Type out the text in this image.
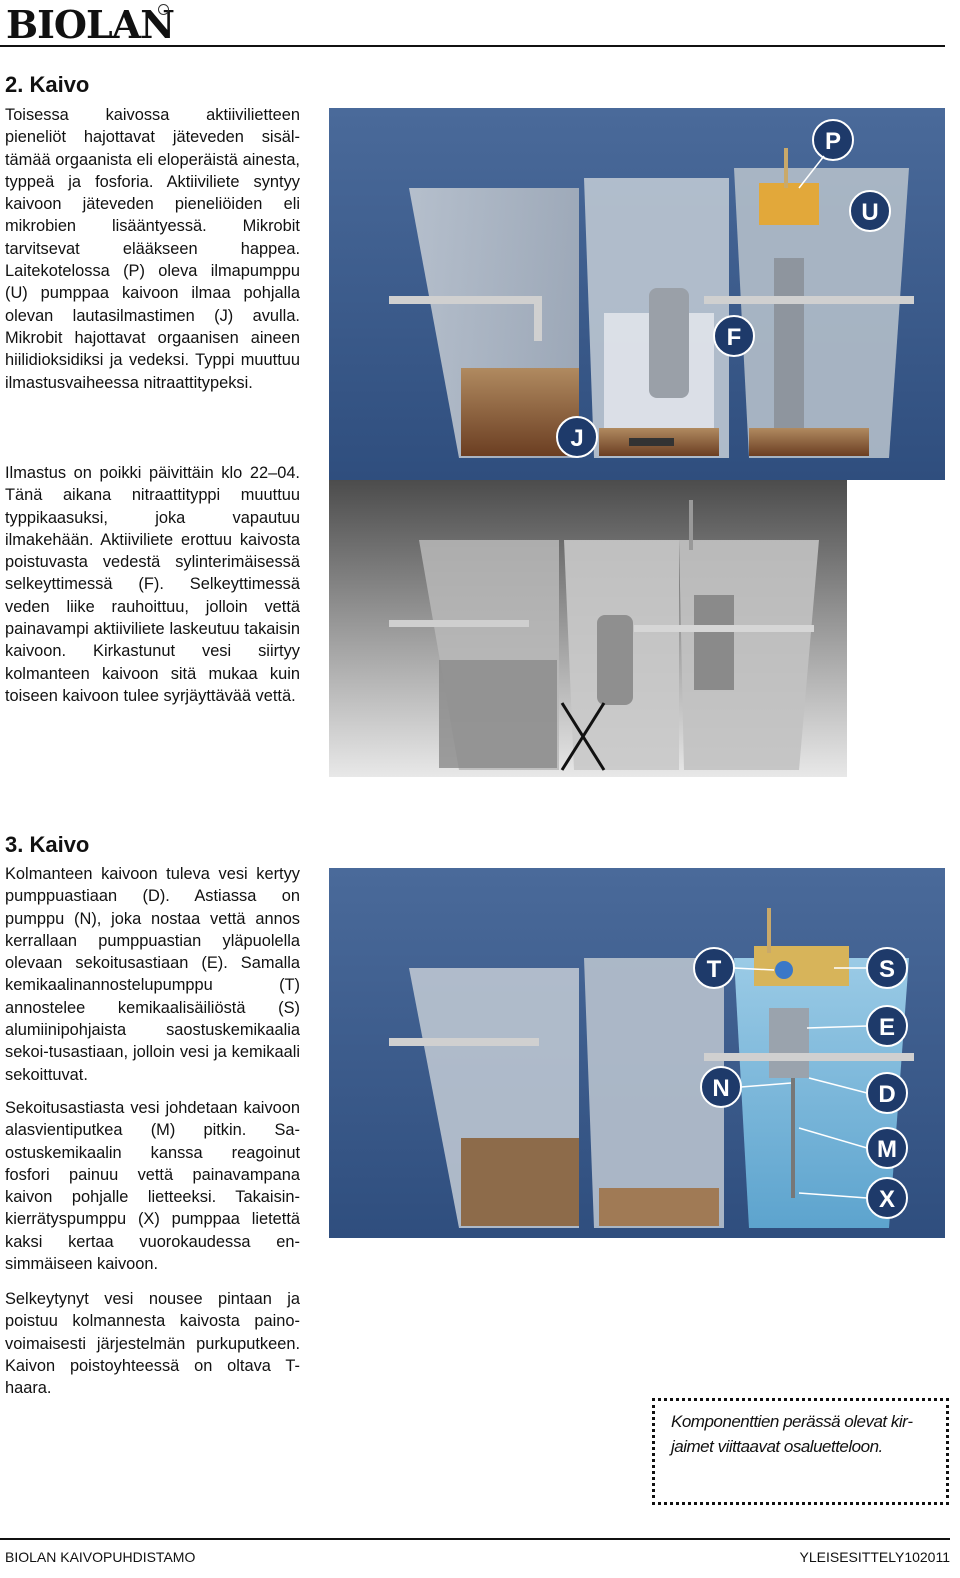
BIOLAN
2. Kaivo
Toisessa kaivossa aktiivilietteen pieneliöt hajottavat jäteveden sisältämää orgaanista eli eloperäistä ainesta, typpeä ja fosforia. Aktiiviliete syntyy kaivoon jäteveden pieneliöiden eli mikrobien lisääntyessä. Mikrobit tarvitsevat elääkseen happea. Laitekotelossa (P) oleva ilmapumppu (U) pumppaa kaivoon ilmaa pohjalla olevan lautasilmastimen (J) avulla. Mikrobit hajottavat orgaanisen aineen hiilidioksidiksi ja vedeksi. Typpi muuttuu ilmastusvaiheessa nitraattitypeksi.
Ilmastus on poikki päivittäin klo 22–04. Tänä aikana nitraattityppi muuttuu typpikaasuksi, joka vapautuu ilmakehään. Aktiiviliete erottuu kaivosta poistuvasta vedestä sylinterimäisessä selkeyttimessä (F). Selkeyttimessä veden liike rauhoittuu, jolloin vettä painavampi aktiiviliete laskeutuu takaisin kaivoon. Kirkastunut vesi siirtyy kolmanteen kaivoon sitä mukaa kuin toiseen kaivoon tulee syrjäyttävää vettä.
P
U
F
J
3. Kaivo
Kolmanteen kaivoon tuleva vesi kertyy pumppuastiaan (D). Astiassa on pumppu (N), joka nostaa vettä annos kerrallaan pumppuastian yläpuolella olevaan sekoitusastiaan (E). Samalla kemikaalinannostelupumppu (T) annostelee kemikaalisäiliöstä (S) alumiinipohjaista saostuskemikaalia sekoi-tusastiaan, jolloin vesi ja kemikaali sekoittuvat.
Sekoitusastiasta vesi johdetaan kaivoon alasvientiputkea (M) pitkin. Saostuskemikaalin kanssa reagoinut fosfori painuu vettä painavampana kaivon pohjalle lietteeksi. Takaisinkierrätyspumppu (X) pumppaa lietettä kaksi kertaa vuorokaudessa ensimmäiseen kaivoon.
Selkeytynyt vesi nousee pintaan ja poistuu kolmannesta kaivosta painovoimaisesti järjestelmän purkuputkeen. Kaivon poistoyhteessä on oltava T-haara.
T	S
E
N	D
M
X
Komponenttien perässä olevat kirjaimet viittaavat osaluetteloon.
BIOLAN KAIVOPUHDISTAMO	YLEISESITTELY102011
